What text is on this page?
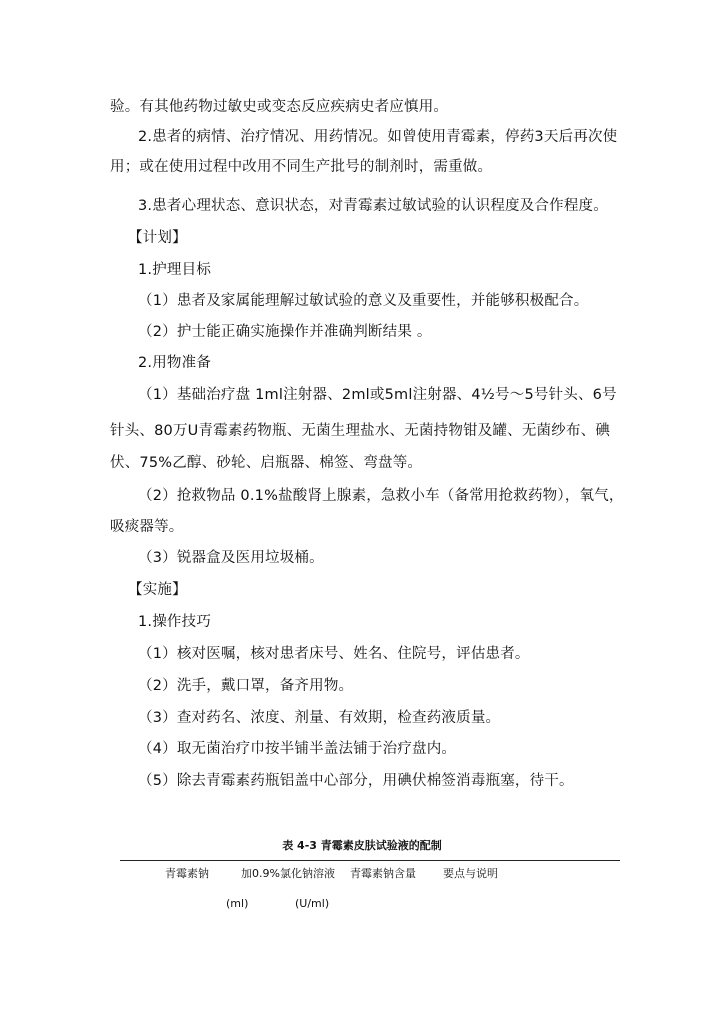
验。有其他药物过敏史或变态反应疾病史者应慎用。
2.患者的病情、治疗情况、用药情况。如曾使用青霉素，停药3天后再次使
用；或在使用过程中改用不同生产批号的制剂时，需重做。
3.患者心理状态、意识状态，对青霉素过敏试验的认识程度及合作程度。
【计划】
1.护理目标
（1）患者及家属能理解过敏试验的意义及重要性，并能够积极配合。
（2）护士能正确实施操作并准确判断结果 。
2.用物准备
（1）基础治疗盘 1ml注射器、2ml或5ml注射器、4½号～5号针头、6号
针头、80万U青霉素药物瓶、无菌生理盐水、无菌持物钳及罐、无菌纱布、碘
伏、75%乙醇、砂轮、启瓶器、棉签、弯盘等。
（2）抢救物品 0.1%盐酸肾上腺素，急救小车（备常用抢救药物），氧气，
吸痰器等。
（3）锐器盒及医用垃圾桶。
【实施】
1.操作技巧
（1）核对医嘱，核对患者床号、姓名、住院号，评估患者。
（2）洗手，戴口罩，备齐用物。
（3）查对药名、浓度、剂量、有效期，检查药液质量。
（4）取无菌治疗巾按半铺半盖法铺于治疗盘内。
（5）除去青霉素药瓶铝盖中心部分，用碘伏棉签消毒瓶塞，待干。
表 4-3 青霉素皮肤试验液的配制
青霉素钠	加0.9%氯化钠溶液 青霉素钠含量 要点与说明
(ml)	(U/ml)
